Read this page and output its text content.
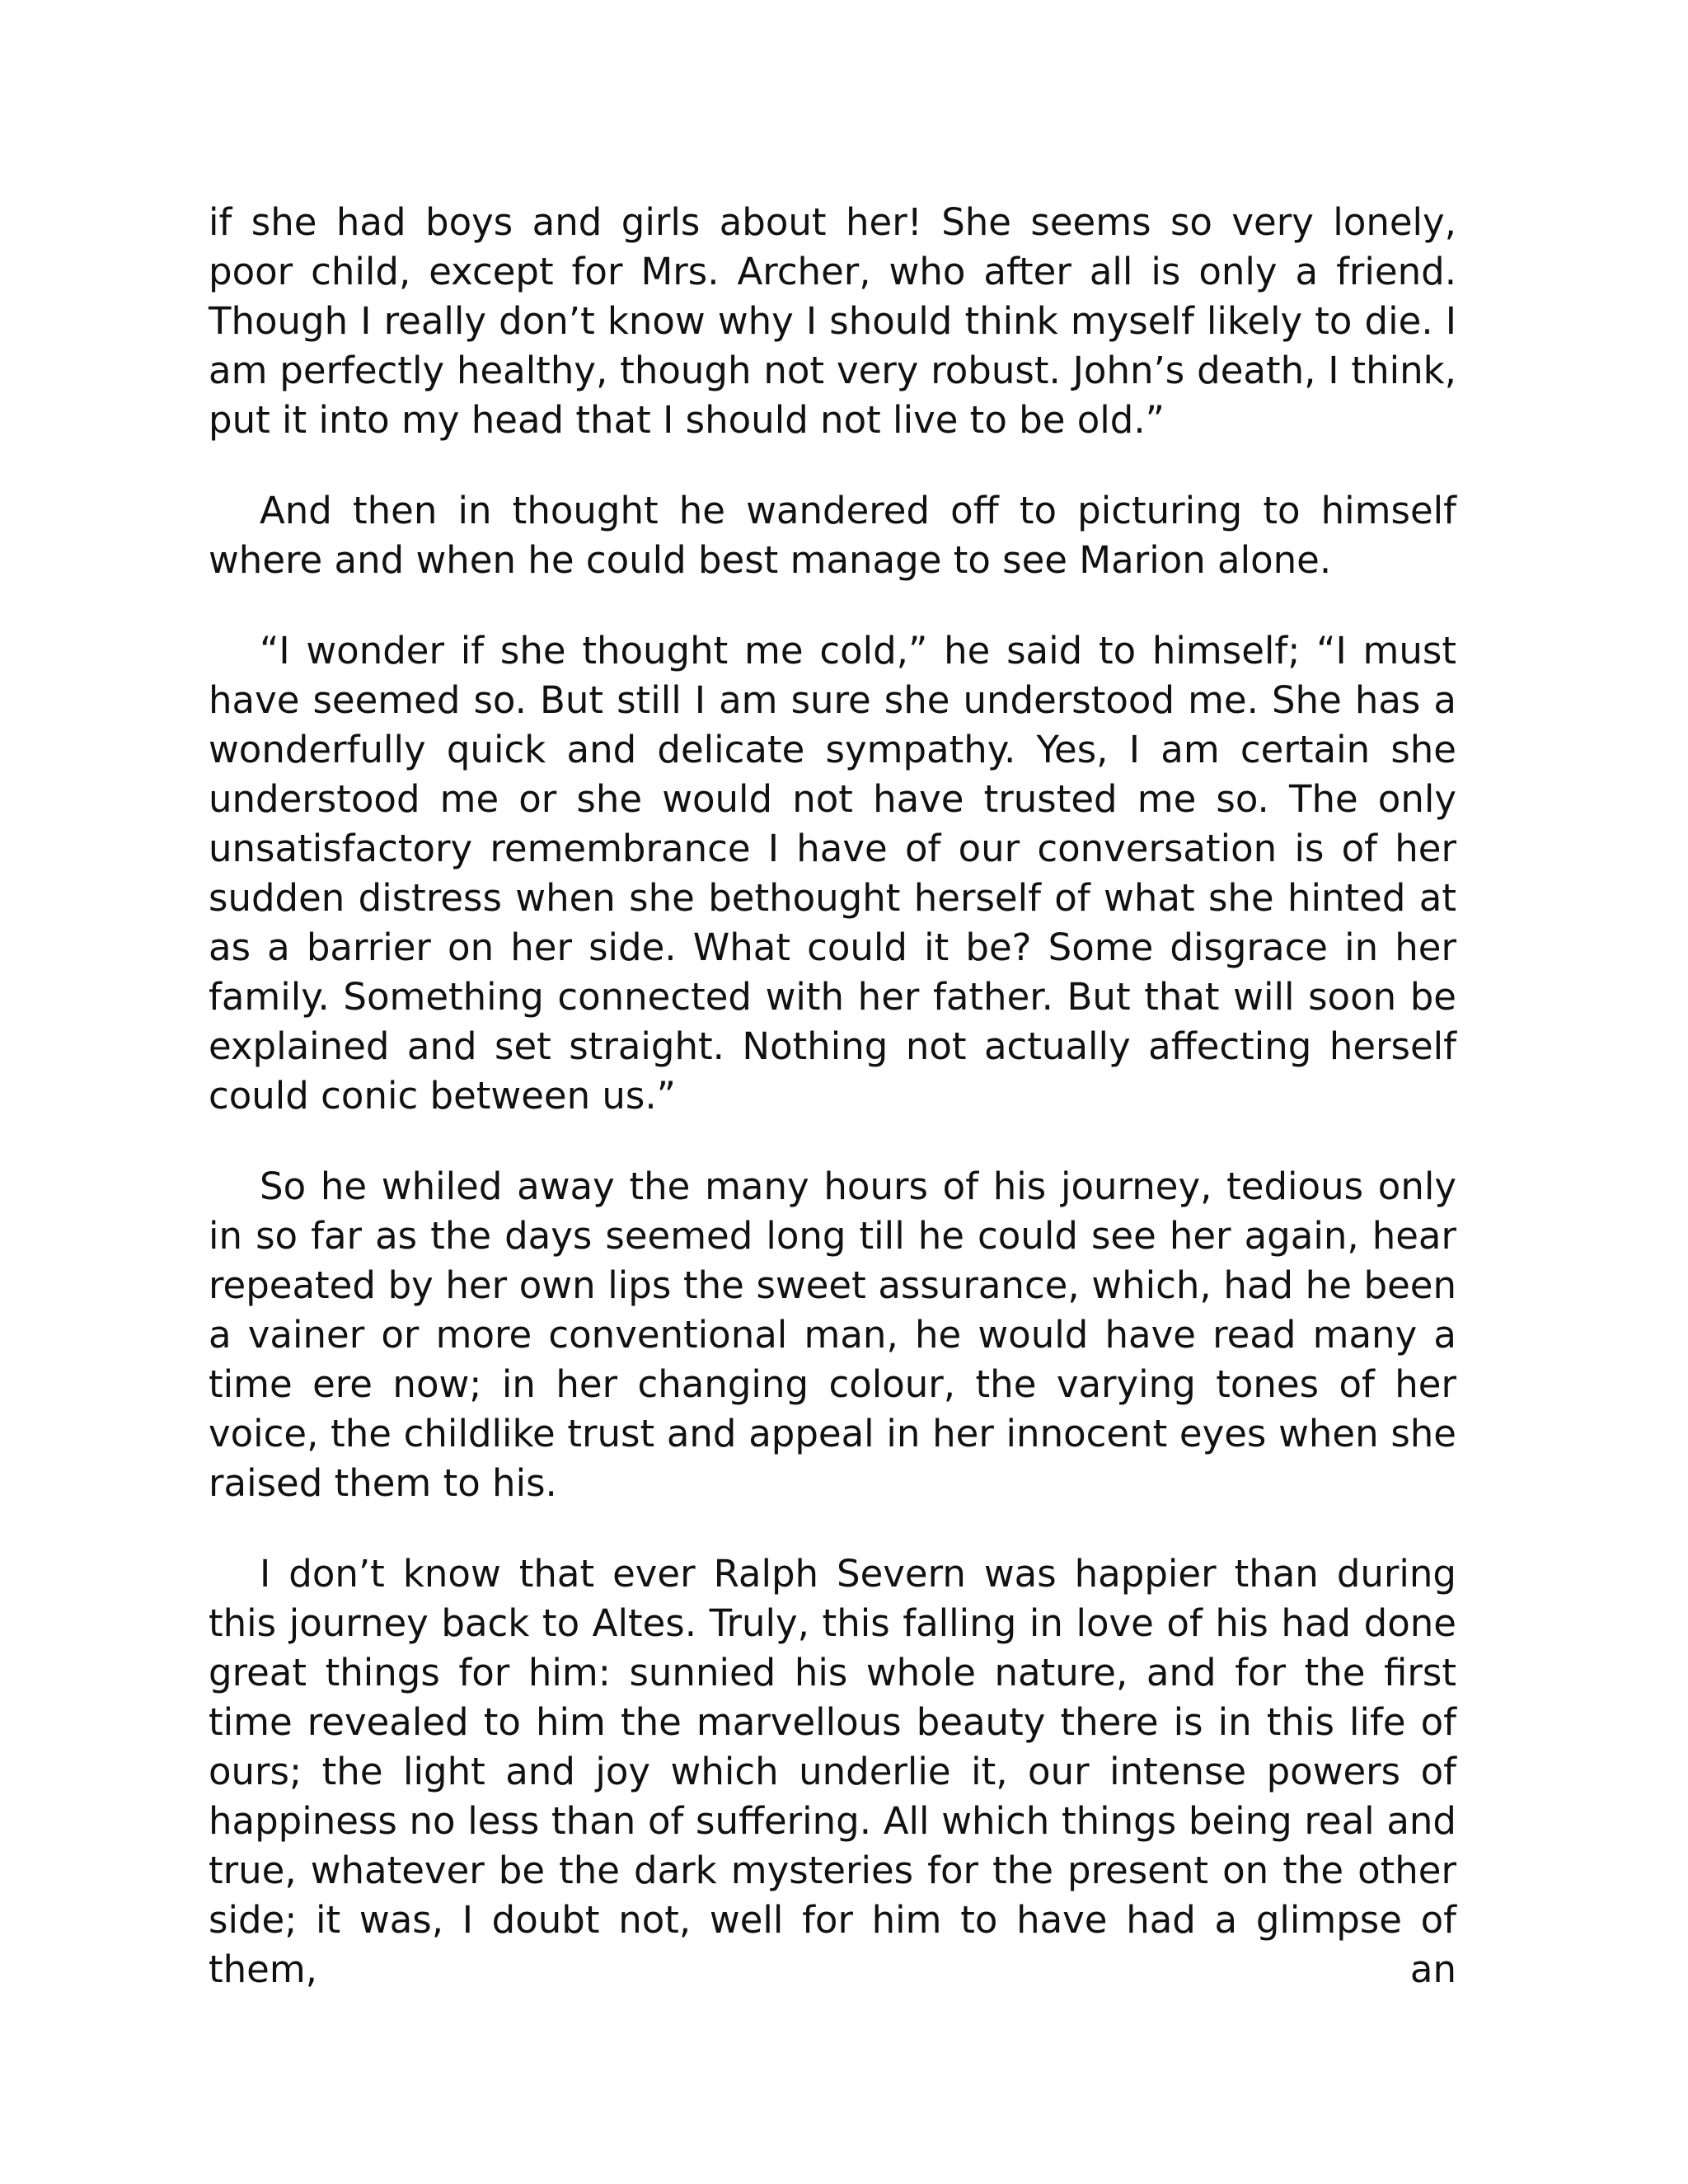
if she had boys and girls about her! She seems so very lonely, poor child, except for Mrs. Archer, who after all is only a friend. Though I really don’t know why I should think myself likely to die. I am perfectly healthy, though not very robust. John’s death, I think, put it into my head that I should not live to be old.”

And then in thought he wandered off to picturing to himself where and when he could best manage to see Marion alone.

“I wonder if she thought me cold,” he said to himself; “I must have seemed so. But still I am sure she understood me. She has a wonderfully quick and delicate sympathy. Yes, I am certain she understood me or she would not have trusted me so. The only unsatisfactory remembrance I have of our conversation is of her sudden distress when she bethought herself of what she hinted at as a barrier on her side. What could it be? Some disgrace in her family. Something connected with her father. But that will soon be explained and set straight. Nothing not actually affecting herself could conic between us.”

So he whiled away the many hours of his journey, tedious only in so far as the days seemed long till he could see her again, hear repeated by her own lips the sweet assurance, which, had he been a vainer or more conventional man, he would have read many a time ere now; in her changing colour, the varying tones of her voice, the childlike trust and appeal in her innocent eyes when she raised them to his.

I don’t know that ever Ralph Severn was happier than during this journey back to Altes. Truly, this falling in love of his had done great things for him: sunnied his whole nature, and for the first time revealed to him the marvellous beauty there is in this life of ours; the light and joy which underlie it, our intense powers of happiness no less than of suffering. All which things being real and true, whatever be the dark mysteries for the present on the other side; it was, I doubt not, well for him to have had a glimpse of them, an
